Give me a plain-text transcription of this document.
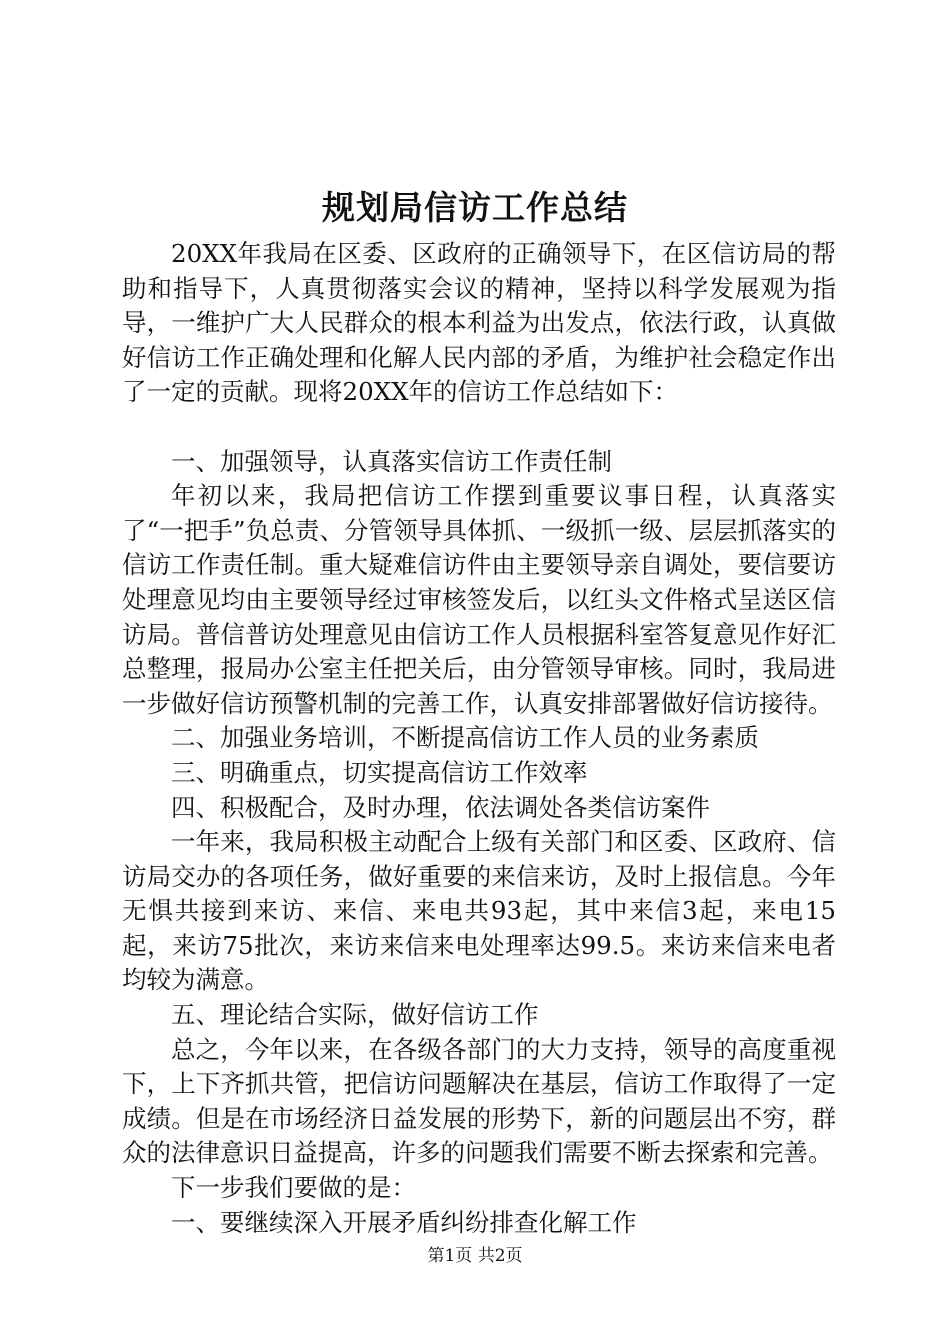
规划局信访工作总结

20XX年我局在区委、区政府的正确领导下，在区信访局的帮助和指导下，人真贯彻落实会议的精神，坚持以科学发展观为指导，一维护广大人民群众的根本利益为出发点，依法行政，认真做好信访工作正确处理和化解人民内部的矛盾，为维护社会稳定作出了一定的贡献。现将20XX年的信访工作总结如下：

一、加强领导，认真落实信访工作责任制

年初以来，我局把信访工作摆到重要议事日程，认真落实了“一把手”负总责、分管领导具体抓、一级抓一级、层层抓落实的信访工作责任制。重大疑难信访件由主要领导亲自调处，要信要访处理意见均由主要领导经过审核签发后，以红头文件格式呈送区信访局。普信普访处理意见由信访工作人员根据科室答复意见作好汇总整理，报局办公室主任把关后，由分管领导审核。同时，我局进一步做好信访预警机制的完善工作，认真安排部署做好信访接待。

二、加强业务培训，不断提高信访工作人员的业务素质

三、明确重点，切实提高信访工作效率

四、积极配合，及时办理，依法调处各类信访案件

一年来，我局积极主动配合上级有关部门和区委、区政府、信访局交办的各项任务，做好重要的来信来访，及时上报信息。今年无惧共接到来访、来信、来电共93起，其中来信3起，来电15起，来访75批次，来访来信来电处理率达99.5。来访来信来电者均较为满意。

五、理论结合实际，做好信访工作

总之，今年以来，在各级各部门的大力支持，领导的高度重视下，上下齐抓共管，把信访问题解决在基层，信访工作取得了一定成绩。但是在市场经济日益发展的形势下，新的问题层出不穷，群众的法律意识日益提高，许多的问题我们需要不断去探索和完善。

下一步我们要做的是：

一、要继续深入开展矛盾纠纷排查化解工作

第1页 共2页
